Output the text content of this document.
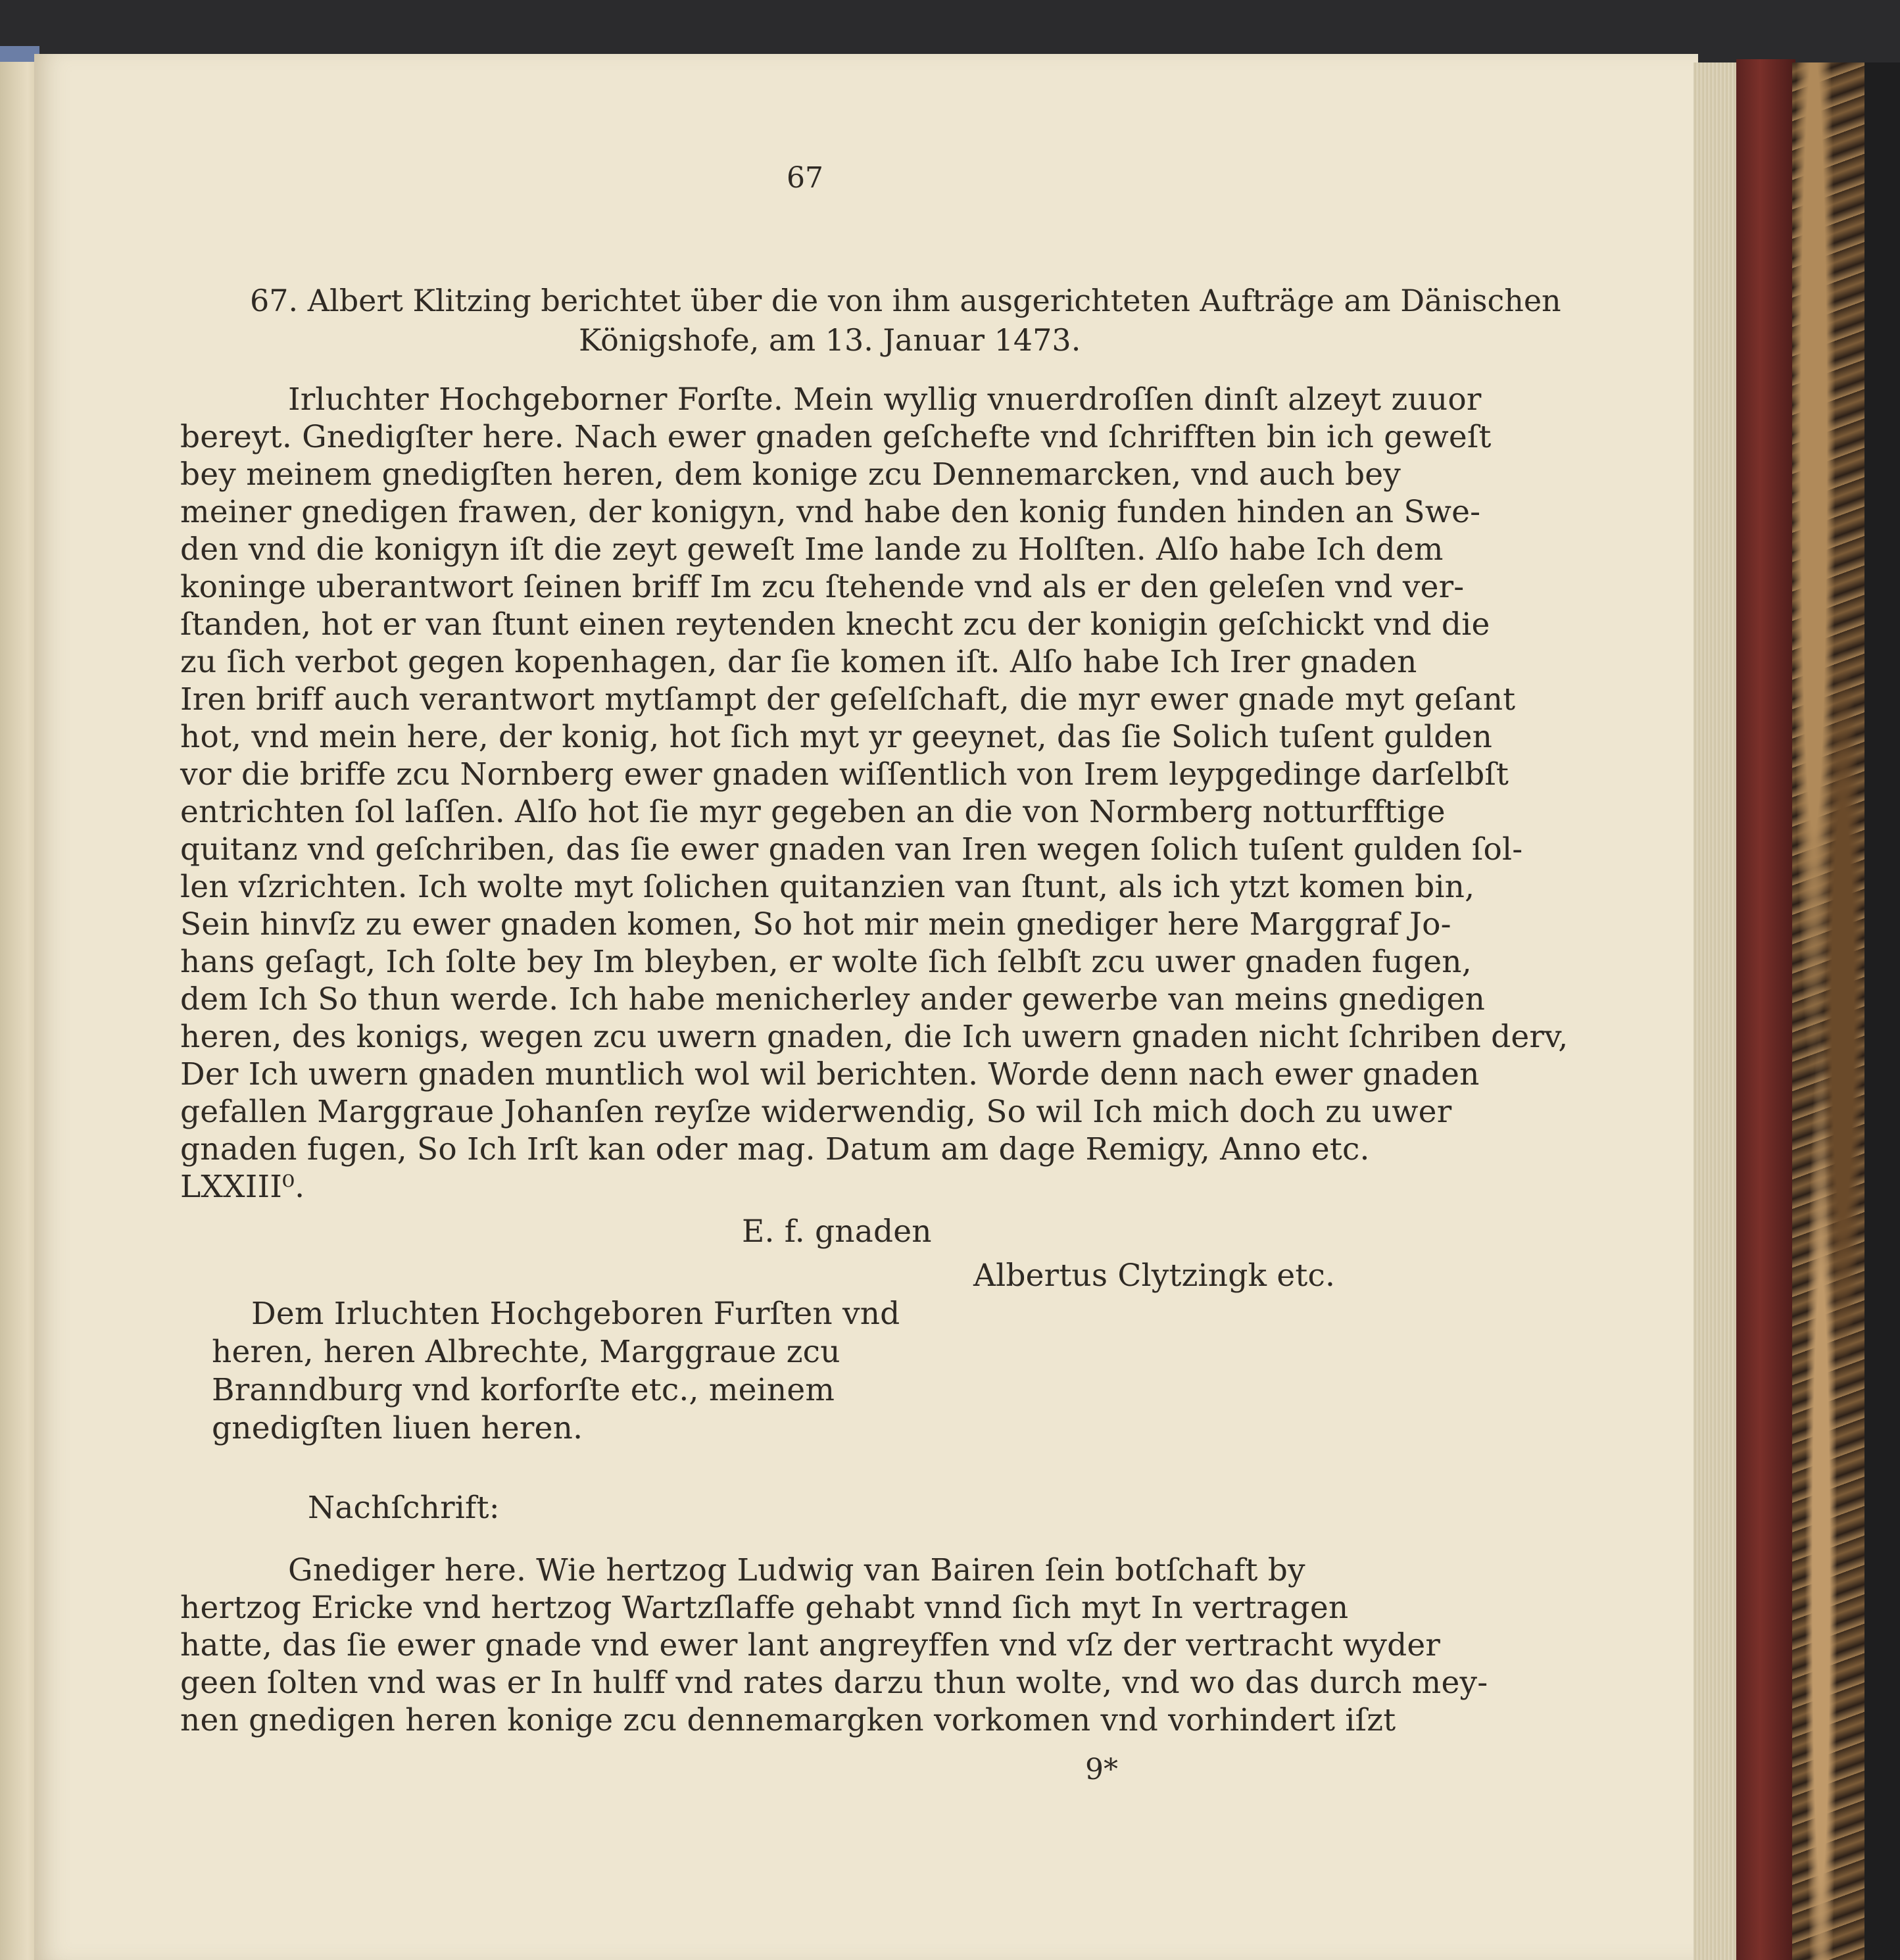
67
67. Albert Klitzing berichtet über die von ihm ausgerichteten Aufträge am Dänischen
Königshofe, am 13. Januar 1473.
Irluchter Hochgeborner Forſte. Mein wyllig vnuerdroſſen dinſt alzeyt zuuor
bereyt. Gnedigſter here. Nach ewer gnaden geſchefte vnd ſchrifften bin ich geweſt
bey meinem gnedigſten heren, dem konige zcu Dennemarcken, vnd auch bey
meiner gnedigen frawen, der konigyn, vnd habe den konig funden hinden an Swe-
den vnd die konigyn iſt die zeyt geweſt Ime lande zu Holſten. Alſo habe Ich dem
koninge uberantwort ſeinen briff Im zcu ſtehende vnd als er den geleſen vnd ver-
ſtanden, hot er van ſtunt einen reytenden knecht zcu der konigin geſchickt vnd die
zu ſich verbot gegen kopenhagen, dar ſie komen iſt. Alſo habe Ich Irer gnaden
Iren briff auch verantwort mytſampt der geſelſchaft, die myr ewer gnade myt geſant
hot, vnd mein here, der konig, hot ſich myt yr geeynet, das ſie Solich tuſent gulden
vor die briffe zcu Nornberg ewer gnaden wiſſentlich von Irem leypgedinge darſelbſt
entrichten ſol laſſen. Alſo hot ſie myr gegeben an die von Normberg notturfftige
quitanz vnd geſchriben, das ſie ewer gnaden van Iren wegen ſolich tuſent gulden ſol-
len vſzrichten. Ich wolte myt ſolichen quitanzien van ſtunt, als ich ytzt komen bin,
Sein hinvſz zu ewer gnaden komen, So hot mir mein gnediger here Marggraf Jo-
hans geſagt, Ich ſolte bey Im bleyben, er wolte ſich ſelbſt zcu uwer gnaden fugen,
dem Ich So thun werde. Ich habe menicherley ander gewerbe van meins gnedigen
heren, des konigs, wegen zcu uwern gnaden, die Ich uwern gnaden nicht ſchriben derv,
Der Ich uwern gnaden muntlich wol wil berichten. Worde denn nach ewer gnaden
gefallen Marggraue Johanſen reyſze widerwendig, So wil Ich mich doch zu uwer
gnaden fugen, So Ich Irſt kan oder mag. Datum am dage Remigy, Anno etc.
LXXIII⁰.
E. f. gnaden
Albertus Clytzingk etc.
Dem Irluchten Hochgeboren Furſten vnd
heren, heren Albrechte, Marggraue zcu
Branndburg vnd korforſte etc., meinem
gnedigſten liuen heren.
Nachſchrift:
Gnediger here. Wie hertzog Ludwig van Bairen ſein botſchaft by
hertzog Ericke vnd hertzog Wartzſlaffe gehabt vnnd ſich myt In vertragen
hatte, das ſie ewer gnade vnd ewer lant angreyffen vnd vſz der vertracht wyder
geen ſolten vnd was er In hulff vnd rates darzu thun wolte, vnd wo das durch mey-
nen gnedigen heren konige zcu dennemargken vorkomen vnd vorhindert iſzt
9*
